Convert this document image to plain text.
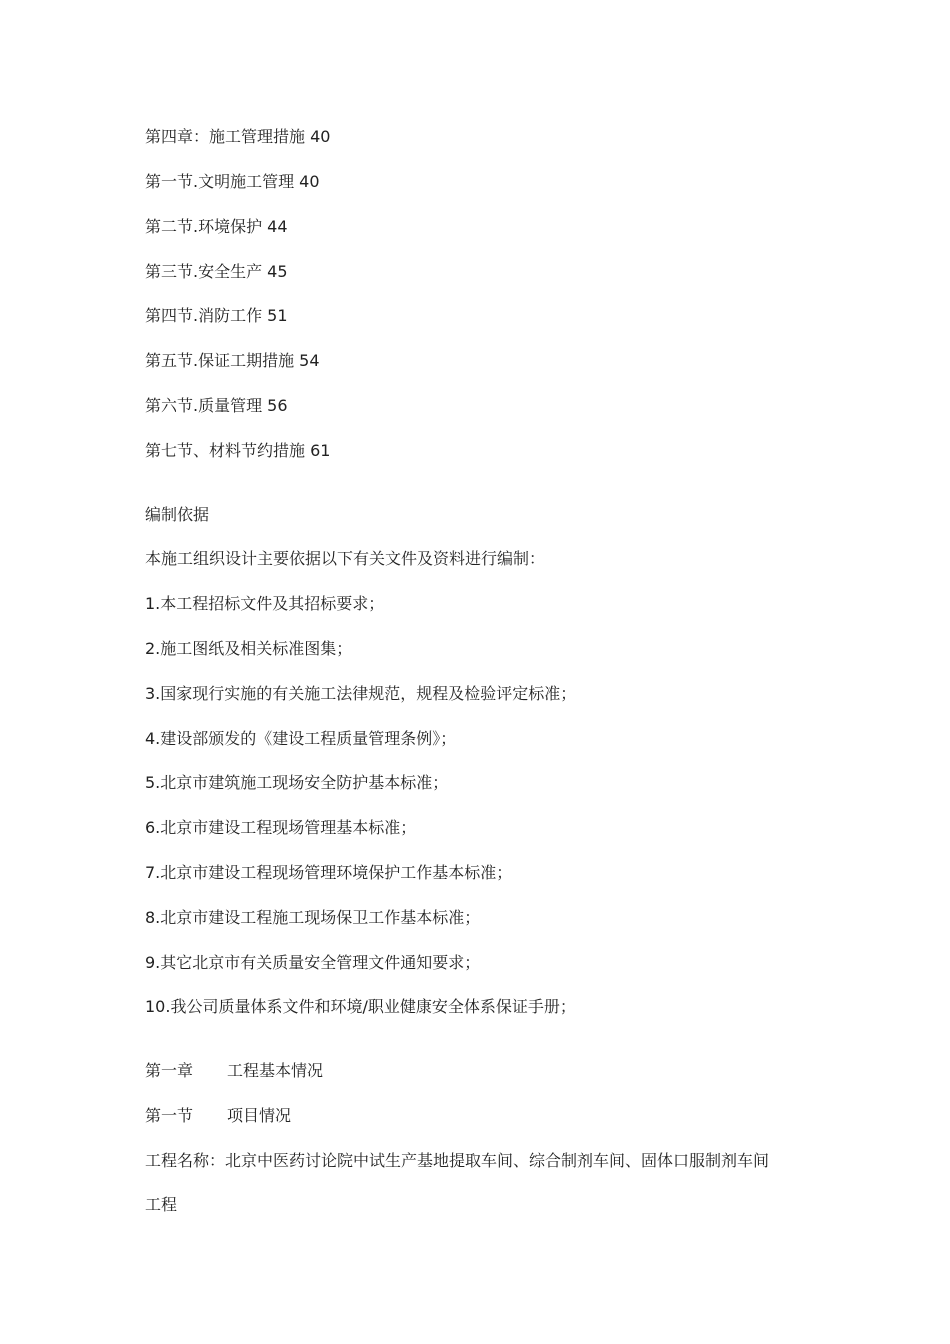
第四章：施工管理措施 40
第一节.文明施工管理 40
第二节.环境保护 44
第三节.安全生产 45
第四节.消防工作 51
第五节.保证工期措施 54
第六节.质量管理 56
第七节、材料节约措施 61
编制依据
本施工组织设计主要依据以下有关文件及资料进行编制：
1.本工程招标文件及其招标要求；
2.施工图纸及相关标准图集；
3.国家现行实施的有关施工法律规范，规程及检验评定标准；
4.建设部颁发的《建设工程质量管理条例》；
5.北京市建筑施工现场安全防护基本标准；
6.北京市建设工程现场管理基本标准；
7.北京市建设工程现场管理环境保护工作基本标准；
8.北京市建设工程施工现场保卫工作基本标准；
9.其它北京市有关质量安全管理文件通知要求；
10.我公司质量体系文件和环境/职业健康安全体系保证手册；
第一章 工程基本情况
第一节 项目情况
工程名称：北京中医药讨论院中试生产基地提取车间、综合制剂车间、固体口服制剂车间
工程
